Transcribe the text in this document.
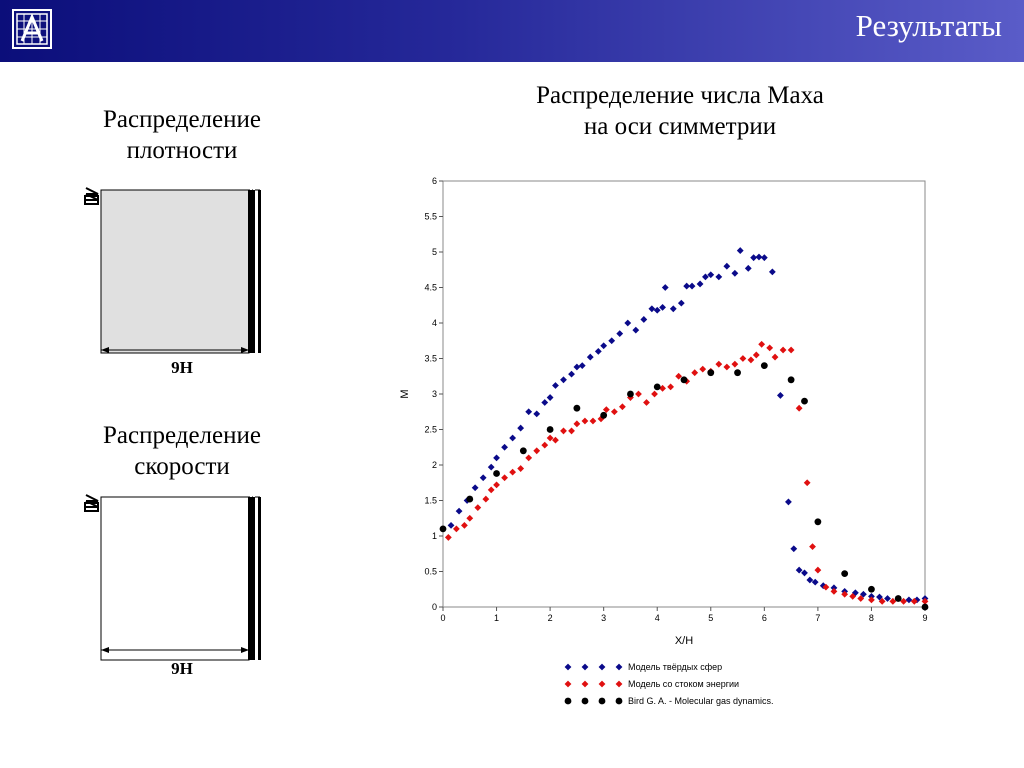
Результаты
Распределение
плотности
9H
Распределение
скорости
9H
Распределение числа Маха
на оси симметрии
0	1	2	3	4	5	6	7	8	9
0
0.5
1
1.5
2
2.5
3
3.5
4
4.5
5
5.5
6
X/H
M
Модель твёрдых сфер
Модель со стоком энергии
Bird G. A. - Molecular gas dynamics.
